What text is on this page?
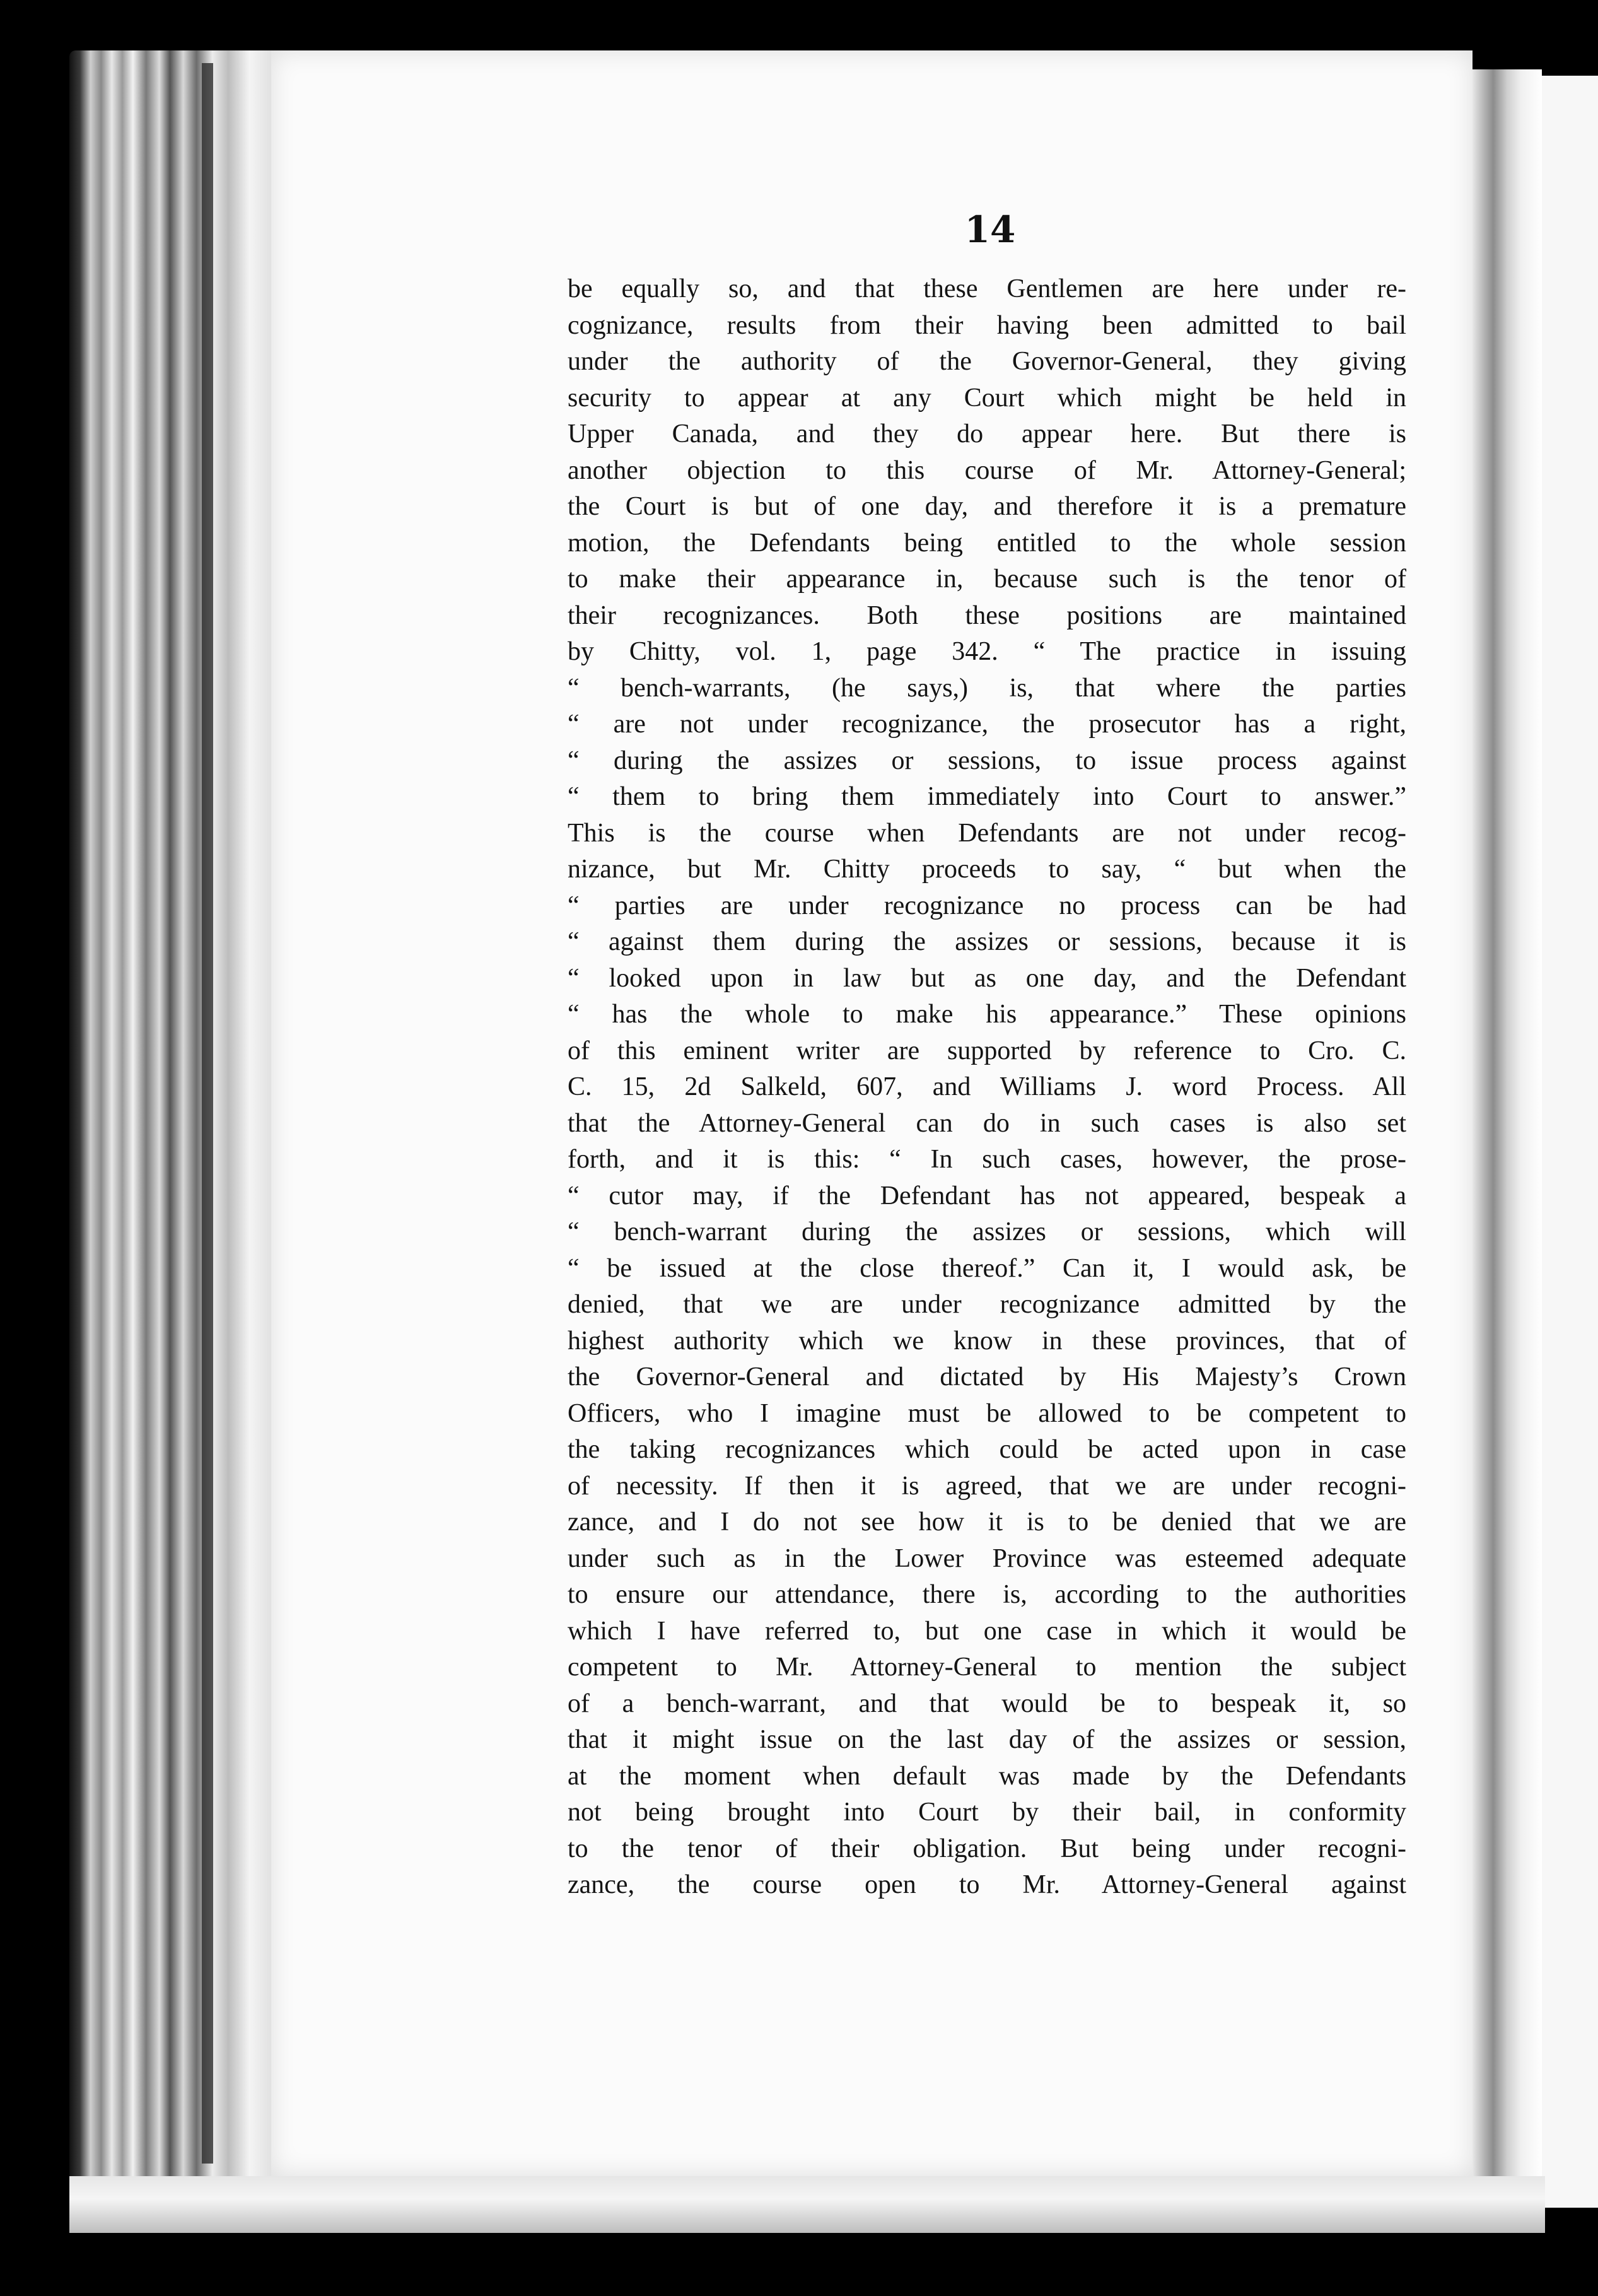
14
be equally so, and that these Gentlemen are here under re-
cognizance, results from their having been admitted to bail
under the authority of the Governor-General, they giving
security to appear at any Court which might be held in
Upper Canada, and they do appear here. But there is
another objection to this course of Mr. Attorney-General;
the Court is but of one day, and therefore it is a premature
motion, the Defendants being entitled to the whole session
to make their appearance in, because such is the tenor of
their recognizances. Both these positions are maintained
by Chitty, vol. 1, page 342. “ The practice in issuing
“ bench-warrants, (he says,) is, that where the parties
“ are not under recognizance, the prosecutor has a right,
“ during the assizes or sessions, to issue process against
“ them to bring them immediately into Court to answer.”
This is the course when Defendants are not under recog-
nizance, but Mr. Chitty proceeds to say, “ but when the
“ parties are under recognizance no process can be had
“ against them during the assizes or sessions, because it is
“ looked upon in law but as one day, and the Defendant
“ has the whole to make his appearance.” These opinions
of this eminent writer are supported by reference to Cro. C.
C. 15, 2d Salkeld, 607, and Williams J. word Process. All
that the Attorney-General can do in such cases is also set
forth, and it is this: “ In such cases, however, the prose-
“ cutor may, if the Defendant has not appeared, bespeak a
“ bench-warrant during the assizes or sessions, which will
“ be issued at the close thereof.” Can it, I would ask, be
denied, that we are under recognizance admitted by the
highest authority which we know in these provinces, that of
the Governor-General and dictated by His Majesty’s Crown
Officers, who I imagine must be allowed to be competent to
the taking recognizances which could be acted upon in case
of necessity. If then it is agreed, that we are under recogni-
zance, and I do not see how it is to be denied that we are
under such as in the Lower Province was esteemed adequate
to ensure our attendance, there is, according to the authorities
which I have referred to, but one case in which it would be
competent to Mr. Attorney-General to mention the subject
of a bench-warrant, and that would be to bespeak it, so
that it might issue on the last day of the assizes or session,
at the moment when default was made by the Defendants
not being brought into Court by their bail, in conformity
to the tenor of their obligation. But being under recogni-
zance, the course open to Mr. Attorney-General against
